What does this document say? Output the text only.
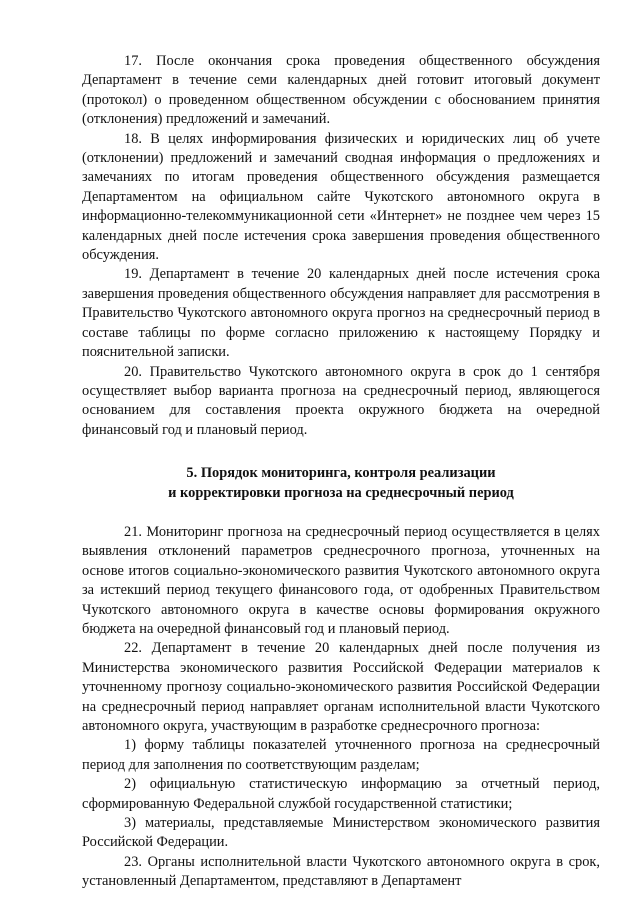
17. После окончания срока проведения общественного обсуждения Департамент в течение семи календарных дней готовит итоговый документ (протокол) о проведенном общественном обсуждении с обоснованием принятия (отклонения) предложений и замечаний.

18. В целях информирования физических и юридических лиц об учете (отклонении) предложений и замечаний сводная информация о предложениях и замечаниях по итогам проведения общественного обсуждения размещается Департаментом на официальном сайте Чукотского автономного округа в информационно-телекоммуникационной сети «Интернет» не позднее чем через 15 календарных дней после истечения срока завершения проведения общественного обсуждения.

19. Департамент в течение 20 календарных дней после истечения срока завершения проведения общественного обсуждения направляет для рассмотрения в Правительство Чукотского автономного округа прогноз на среднесрочный период в составе таблицы по форме согласно приложению к настоящему Порядку и пояснительной записки.

20. Правительство Чукотского автономного округа в срок до 1 сентября осуществляет выбор варианта прогноза на среднесрочный период, являющегося основанием для составления проекта окружного бюджета на очередной финансовый год и плановый период.

5. Порядок мониторинга, контроля реализации
и корректировки прогноза на среднесрочный период

21. Мониторинг прогноза на среднесрочный период осуществляется в целях выявления отклонений параметров среднесрочного прогноза, уточненных на основе итогов социально-экономического развития Чукотского автономного округа за истекший период текущего финансового года, от одобренных Правительством Чукотского автономного округа в качестве основы формирования окружного бюджета на очередной финансовый год и плановый период.

22. Департамент в течение 20 календарных дней после получения из Министерства экономического развития Российской Федерации материалов к уточненному прогнозу социально-экономического развития Российской Федерации на среднесрочный период направляет органам исполнительной власти Чукотского автономного округа, участвующим в разработке среднесрочного прогноза:

1) форму таблицы показателей уточненного прогноза на среднесрочный период для заполнения по соответствующим разделам;

2) официальную статистическую информацию за отчетный период, сформированную Федеральной службой государственной статистики;

3) материалы, представляемые Министерством экономического развития Российской Федерации.

23. Органы исполнительной власти Чукотского автономного округа в срок, установленный Департаментом, представляют в Департамент
